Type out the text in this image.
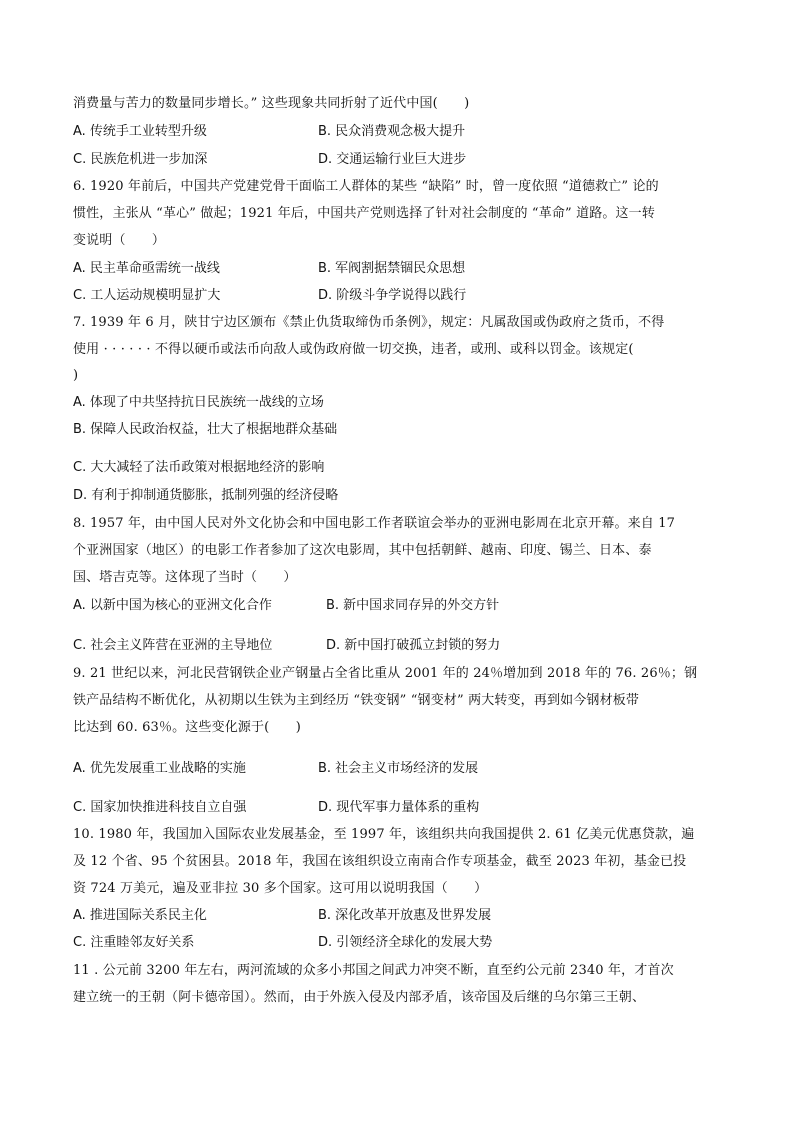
消费量与苦力的数量同步增长。” 这些现象共同折射了近代中国(　　)
A. 传统手工业转型升级	B. 民众消费观念极大提升
C. 民族危机进一步加深	D. 交通运输行业巨大进步
6. 1920 年前后，中国共产党建党骨干面临工人群体的某些 “缺陷” 时，曾一度依照 “道德救亡” 论的
惯性，主张从 “革心” 做起；1921 年后，中国共产党则选择了针对社会制度的 “革命” 道路。这一转
变说明（　　）
A. 民主革命亟需统一战线	B. 军阀割据禁锢民众思想
C. 工人运动规模明显扩大	D. 阶级斗争学说得以践行
7. 1939 年 6 月，陕甘宁边区颁布《禁止仇货取缔伪币条例》，规定：凡属敌国或伪政府之货币，不得
使用 · · · · · · 不得以硬币或法币向敌人或伪政府做一切交换，违者，或刑、或科以罚金。该规定(
)
A. 体现了中共坚持抗日民族统一战线的立场
B. 保障人民政治权益，壮大了根据地群众基础
C. 大大减轻了法币政策对根据地经济的影响
D. 有利于抑制通货膨胀，抵制列强的经济侵略
8. 1957 年，由中国人民对外文化协会和中国电影工作者联谊会举办的亚洲电影周在北京开幕。来自 17
个亚洲国家（地区）的电影工作者参加了这次电影周，其中包括朝鲜、越南、印度、锡兰、日本、泰
国、塔吉克等。这体现了当时（　　）
A. 以新中国为核心的亚洲文化合作	B. 新中国求同存异的外交方针
C. 社会主义阵营在亚洲的主导地位	D. 新中国打破孤立封锁的努力
9. 21 世纪以来，河北民营钢铁企业产钢量占全省比重从 2001 年的 24％增加到 2018 年的 76. 26％；钢
铁产品结构不断优化，从初期以生铁为主到经历 “铁变钢” “钢变材” 两大转变，再到如今钢材板带
比达到 60. 63％。这些变化源于(　　)
A. 优先发展重工业战略的实施	B. 社会主义市场经济的发展
C. 国家加快推进科技自立自强	D. 现代军事力量体系的重构
10. 1980 年，我国加入国际农业发展基金，至 1997 年，该组织共向我国提供 2. 61 亿美元优惠贷款，遍
及 12 个省、95 个贫困县。2018 年，我国在该组织设立南南合作专项基金，截至 2023 年初，基金已投
资 724 万美元，遍及亚非拉 30 多个国家。这可用以说明我国（　　）
A. 推进国际关系民主化	B. 深化改革开放惠及世界发展
C. 注重睦邻友好关系	D. 引领经济全球化的发展大势
11 . 公元前 3200 年左右，两河流域的众多小邦国之间武力冲突不断，直至约公元前 2340 年，才首次
建立统一的王朝（阿卡德帝国）。然而，由于外族入侵及内部矛盾，该帝国及后继的乌尔第三王朝、
